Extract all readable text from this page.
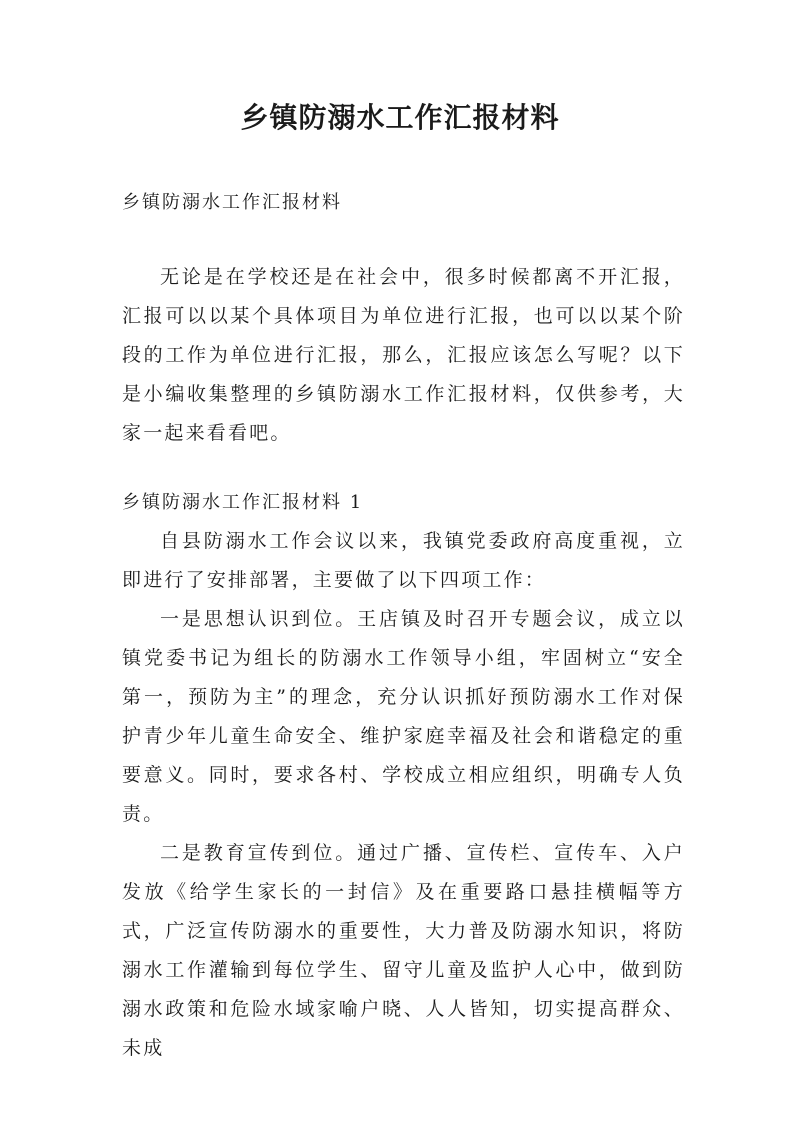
乡镇防溺水工作汇报材料

乡镇防溺水工作汇报材料

无论是在学校还是在社会中，很多时候都离不开汇报，汇报可以以某个具体项目为单位进行汇报，也可以以某个阶段的工作为单位进行汇报，那么，汇报应该怎么写呢？以下是小编收集整理的乡镇防溺水工作汇报材料，仅供参考，大家一起来看看吧。

乡镇防溺水工作汇报材料 1

自县防溺水工作会议以来，我镇党委政府高度重视，立即进行了安排部署，主要做了以下四项工作：

一是思想认识到位。王店镇及时召开专题会议，成立以镇党委书记为组长的防溺水工作领导小组，牢固树立“安全第一，预防为主”的理念，充分认识抓好预防溺水工作对保护青少年儿童生命安全、维护家庭幸福及社会和谐稳定的重要意义。同时，要求各村、学校成立相应组织，明确专人负责。

二是教育宣传到位。通过广播、宣传栏、宣传车、入户发放《给学生家长的一封信》及在重要路口悬挂横幅等方式，广泛宣传防溺水的重要性，大力普及防溺水知识，将防溺水工作灌输到每位学生、留守儿童及监护人心中，做到防溺水政策和危险水域家喻户晓、人人皆知，切实提高群众、未成
